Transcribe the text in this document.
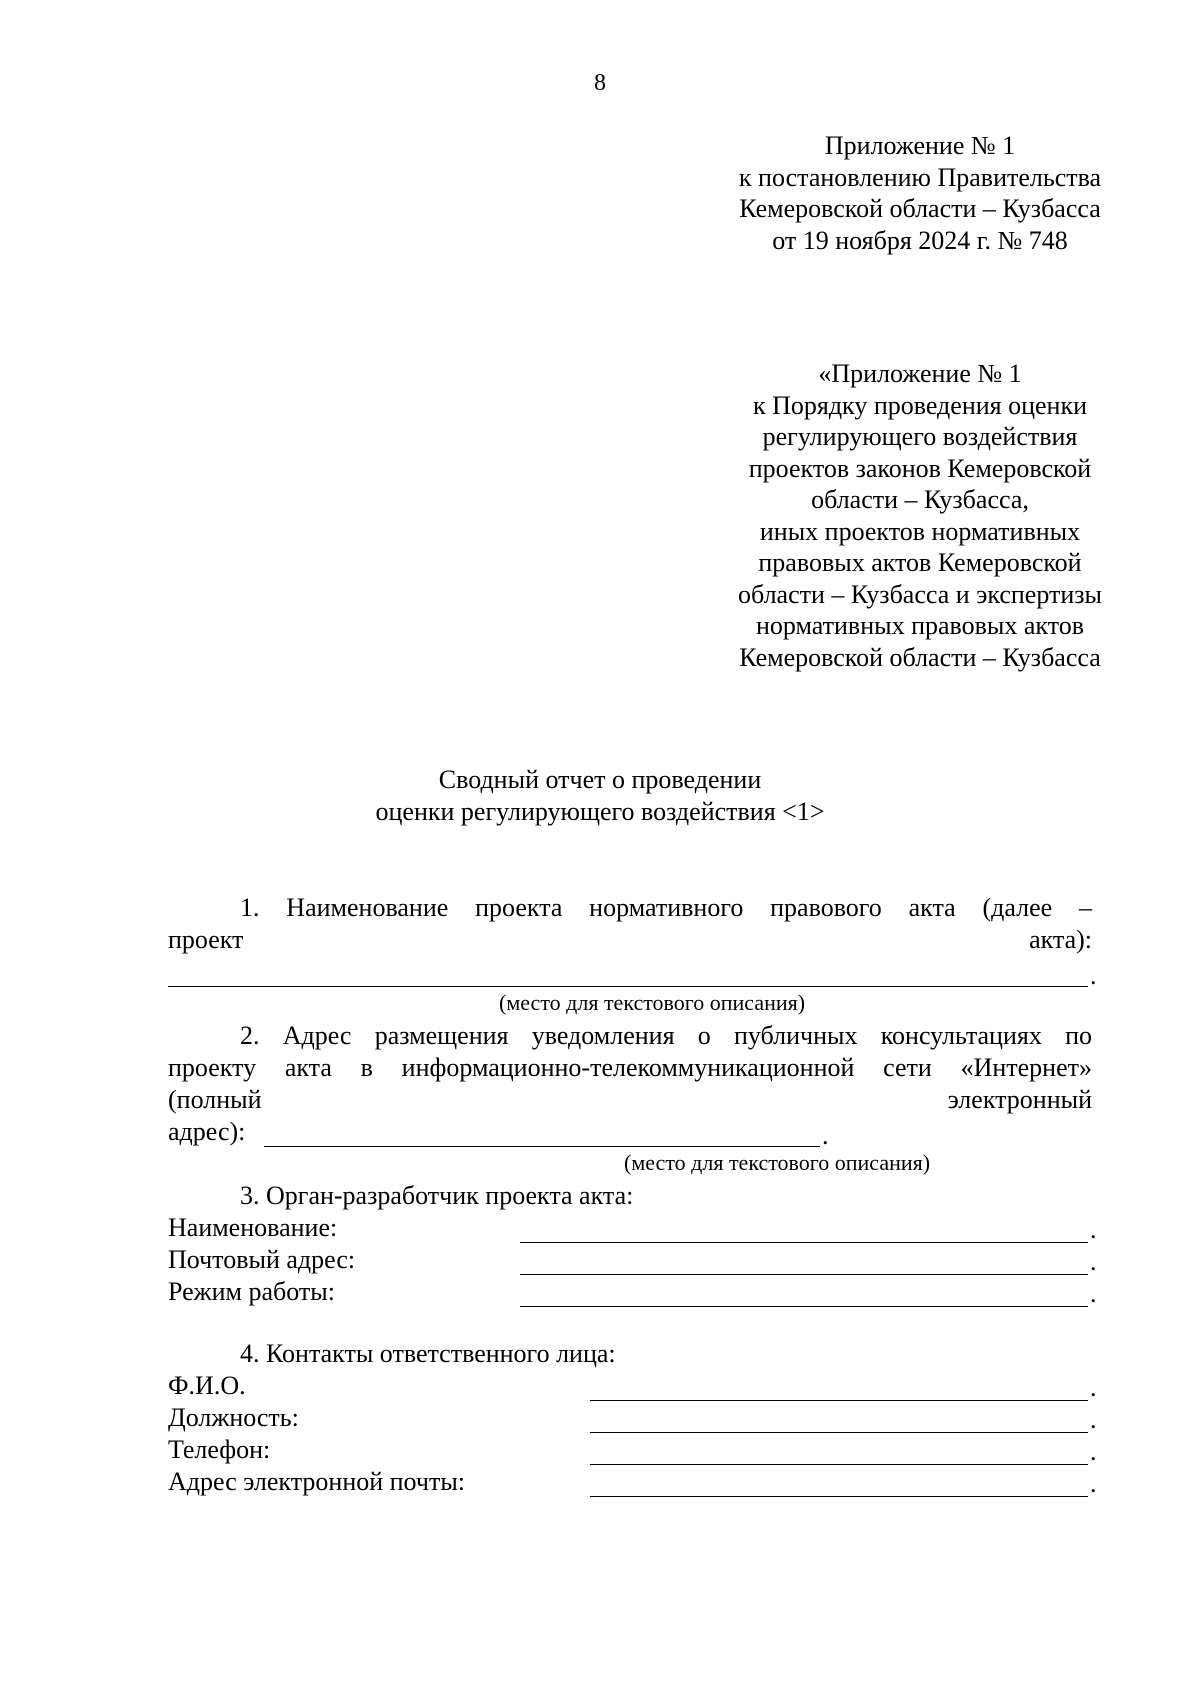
8
Приложение № 1
к постановлению Правительства
Кемеровской области – Кузбасса
от 19 ноября 2024 г. № 748
«Приложение № 1
к Порядку проведения оценки
регулирующего воздействия
проектов законов Кемеровской
области – Кузбасса,
иных проектов нормативных
правовых актов Кемеровской
области – Кузбасса и экспертизы
нормативных правовых актов
Кемеровской области – Кузбасса
Сводный отчет о проведении
оценки регулирующего воздействия <1>
1. Наименование проекта нормативного правового акта (далее –
проект	акта):
.
(место для текстового описания)
2. Адрес размещения уведомления о публичных консультациях по
проекту акта в информационно-телекоммуникационной сети «Интернет»
(полный	электронный
адрес):	.
(место для текстового описания)
3. Орган-разработчик проекта акта:
Наименование:	.
Почтовый адрес:	.
Режим работы:	.
4. Контакты ответственного лица:
Ф.И.О.	.
Должность:	.
Телефон:	.
Адрес электронной почты:	.
